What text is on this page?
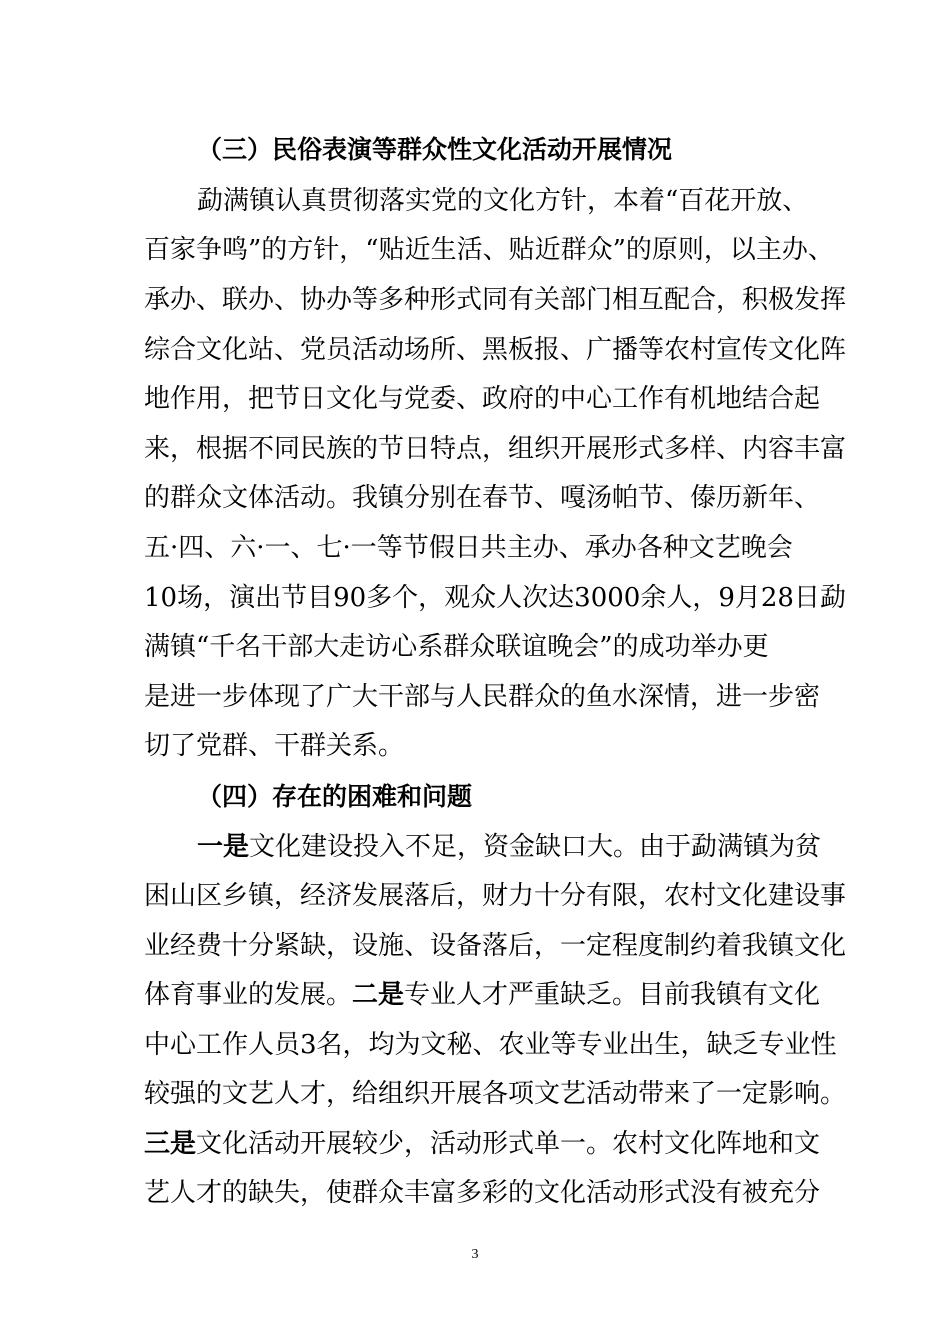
（三）民俗表演等群众性文化活动开展情况
勐满镇认真贯彻落实党的文化方针，本着“百花开放、
百家争鸣”的方针，“贴近生活、贴近群众”的原则，以主办、
承办、联办、协办等多种形式同有关部门相互配合，积极发挥
综合文化站、党员活动场所、黑板报、广播等农村宣传文化阵
地作用，把节日文化与党委、政府的中心工作有机地结合起
来，根据不同民族的节日特点，组织开展形式多样、内容丰富
的群众文体活动。我镇分别在春节、嘎汤帕节、傣历新年、
五·四、六·一、七·一等节假日共主办、承办各种文艺晚会
10场，演出节目90多个，观众人次达3000余人，9月28日勐
满镇“千名干部大走访心系群众联谊晚会”的成功举办更
是进一步体现了广大干部与人民群众的鱼水深情，进一步密
切了党群、干群关系。
（四）存在的困难和问题
一是文化建设投入不足，资金缺口大。由于勐满镇为贫
困山区乡镇，经济发展落后，财力十分有限，农村文化建设事
业经费十分紧缺，设施、设备落后，一定程度制约着我镇文化
体育事业的发展。二是专业人才严重缺乏。目前我镇有文化
中心工作人员3名，均为文秘、农业等专业出生，缺乏专业性
较强的文艺人才，给组织开展各项文艺活动带来了一定影响。
三是文化活动开展较少，活动形式单一。农村文化阵地和文
艺人才的缺失，使群众丰富多彩的文化活动形式没有被充分
3
